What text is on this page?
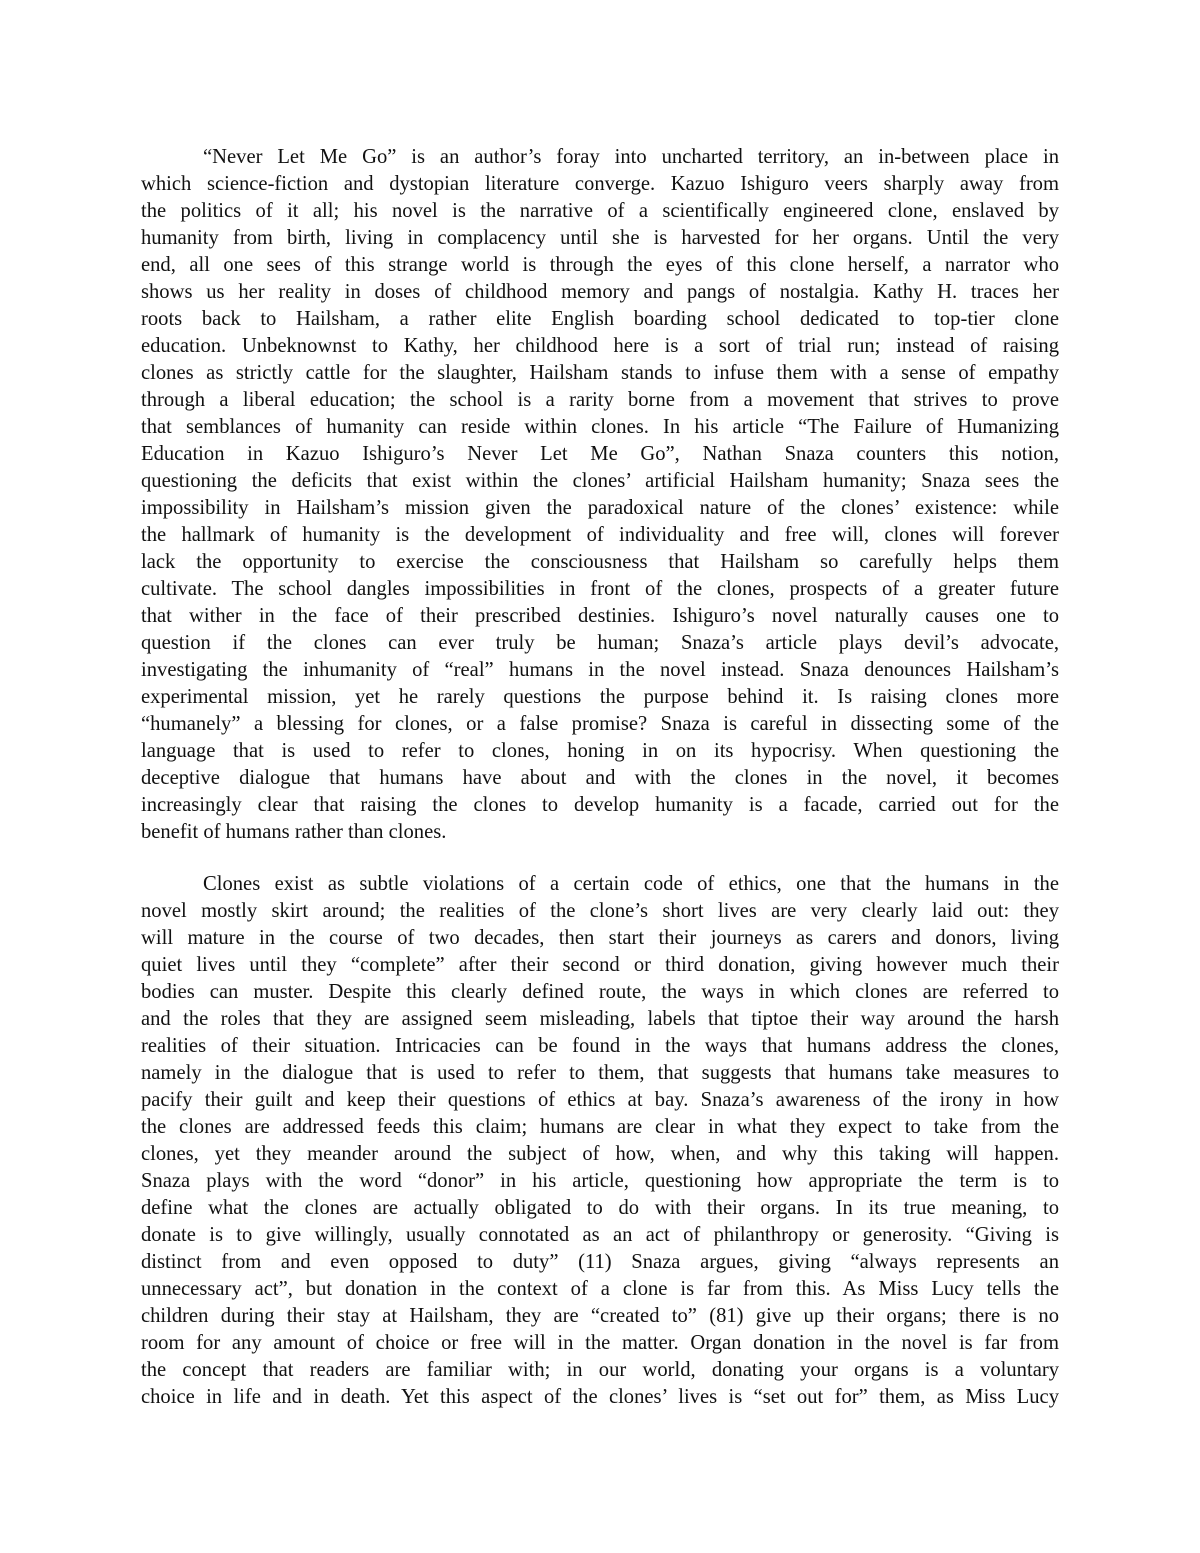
“Never Let Me Go” is an author’s foray into uncharted territory, an in-between place in
which science-fiction and dystopian literature converge. Kazuo Ishiguro veers sharply away from
the politics of it all; his novel is the narrative of a scientifically engineered clone, enslaved by
humanity from birth, living in complacency until she is harvested for her organs. Until the very
end, all one sees of this strange world is through the eyes of this clone herself, a narrator who
shows us her reality in doses of childhood memory and pangs of nostalgia. Kathy H. traces her
roots back to Hailsham, a rather elite English boarding school dedicated to top-tier clone
education. Unbeknownst to Kathy, her childhood here is a sort of trial run; instead of raising
clones as strictly cattle for the slaughter, Hailsham stands to infuse them with a sense of empathy
through a liberal education; the school is a rarity borne from a movement that strives to prove
that semblances of humanity can reside within clones. In his article “The Failure of Humanizing
Education in Kazuo Ishiguro’s Never Let Me Go”, Nathan Snaza counters this notion,
questioning the deficits that exist within the clones’ artificial Hailsham humanity; Snaza sees the
impossibility in Hailsham’s mission given the paradoxical nature of the clones’ existence: while
the hallmark of humanity is the development of individuality and free will, clones will forever
lack the opportunity to exercise the consciousness that Hailsham so carefully helps them
cultivate. The school dangles impossibilities in front of the clones, prospects of a greater future
that wither in the face of their prescribed destinies. Ishiguro’s novel naturally causes one to
question if the clones can ever truly be human; Snaza’s article plays devil’s advocate,
investigating the inhumanity of “real” humans in the novel instead. Snaza denounces Hailsham’s
experimental mission, yet he rarely questions the purpose behind it. Is raising clones more
“humanely” a blessing for clones, or a false promise? Snaza is careful in dissecting some of the
language that is used to refer to clones, honing in on its hypocrisy. When questioning the
deceptive dialogue that humans have about and with the clones in the novel, it becomes
increasingly clear that raising the clones to develop humanity is a facade, carried out for the
benefit of humans rather than clones.
Clones exist as subtle violations of a certain code of ethics, one that the humans in the
novel mostly skirt around; the realities of the clone’s short lives are very clearly laid out: they
will mature in the course of two decades, then start their journeys as carers and donors, living
quiet lives until they “complete” after their second or third donation, giving however much their
bodies can muster. Despite this clearly defined route, the ways in which clones are referred to
and the roles that they are assigned seem misleading, labels that tiptoe their way around the harsh
realities of their situation. Intricacies can be found in the ways that humans address the clones,
namely in the dialogue that is used to refer to them, that suggests that humans take measures to
pacify their guilt and keep their questions of ethics at bay. Snaza’s awareness of the irony in how
the clones are addressed feeds this claim; humans are clear in what they expect to take from the
clones, yet they meander around the subject of how, when, and why this taking will happen.
Snaza plays with the word “donor” in his article, questioning how appropriate the term is to
define what the clones are actually obligated to do with their organs. In its true meaning, to
donate is to give willingly, usually connotated as an act of philanthropy or generosity. “Giving is
distinct from and even opposed to duty” (11) Snaza argues, giving “always represents an
unnecessary act”, but donation in the context of a clone is far from this. As Miss Lucy tells the
children during their stay at Hailsham, they are “created to” (81) give up their organs; there is no
room for any amount of choice or free will in the matter. Organ donation in the novel is far from
the concept that readers are familiar with; in our world, donating your organs is a voluntary
choice in life and in death. Yet this aspect of the clones’ lives is “set out for” them, as Miss Lucy
